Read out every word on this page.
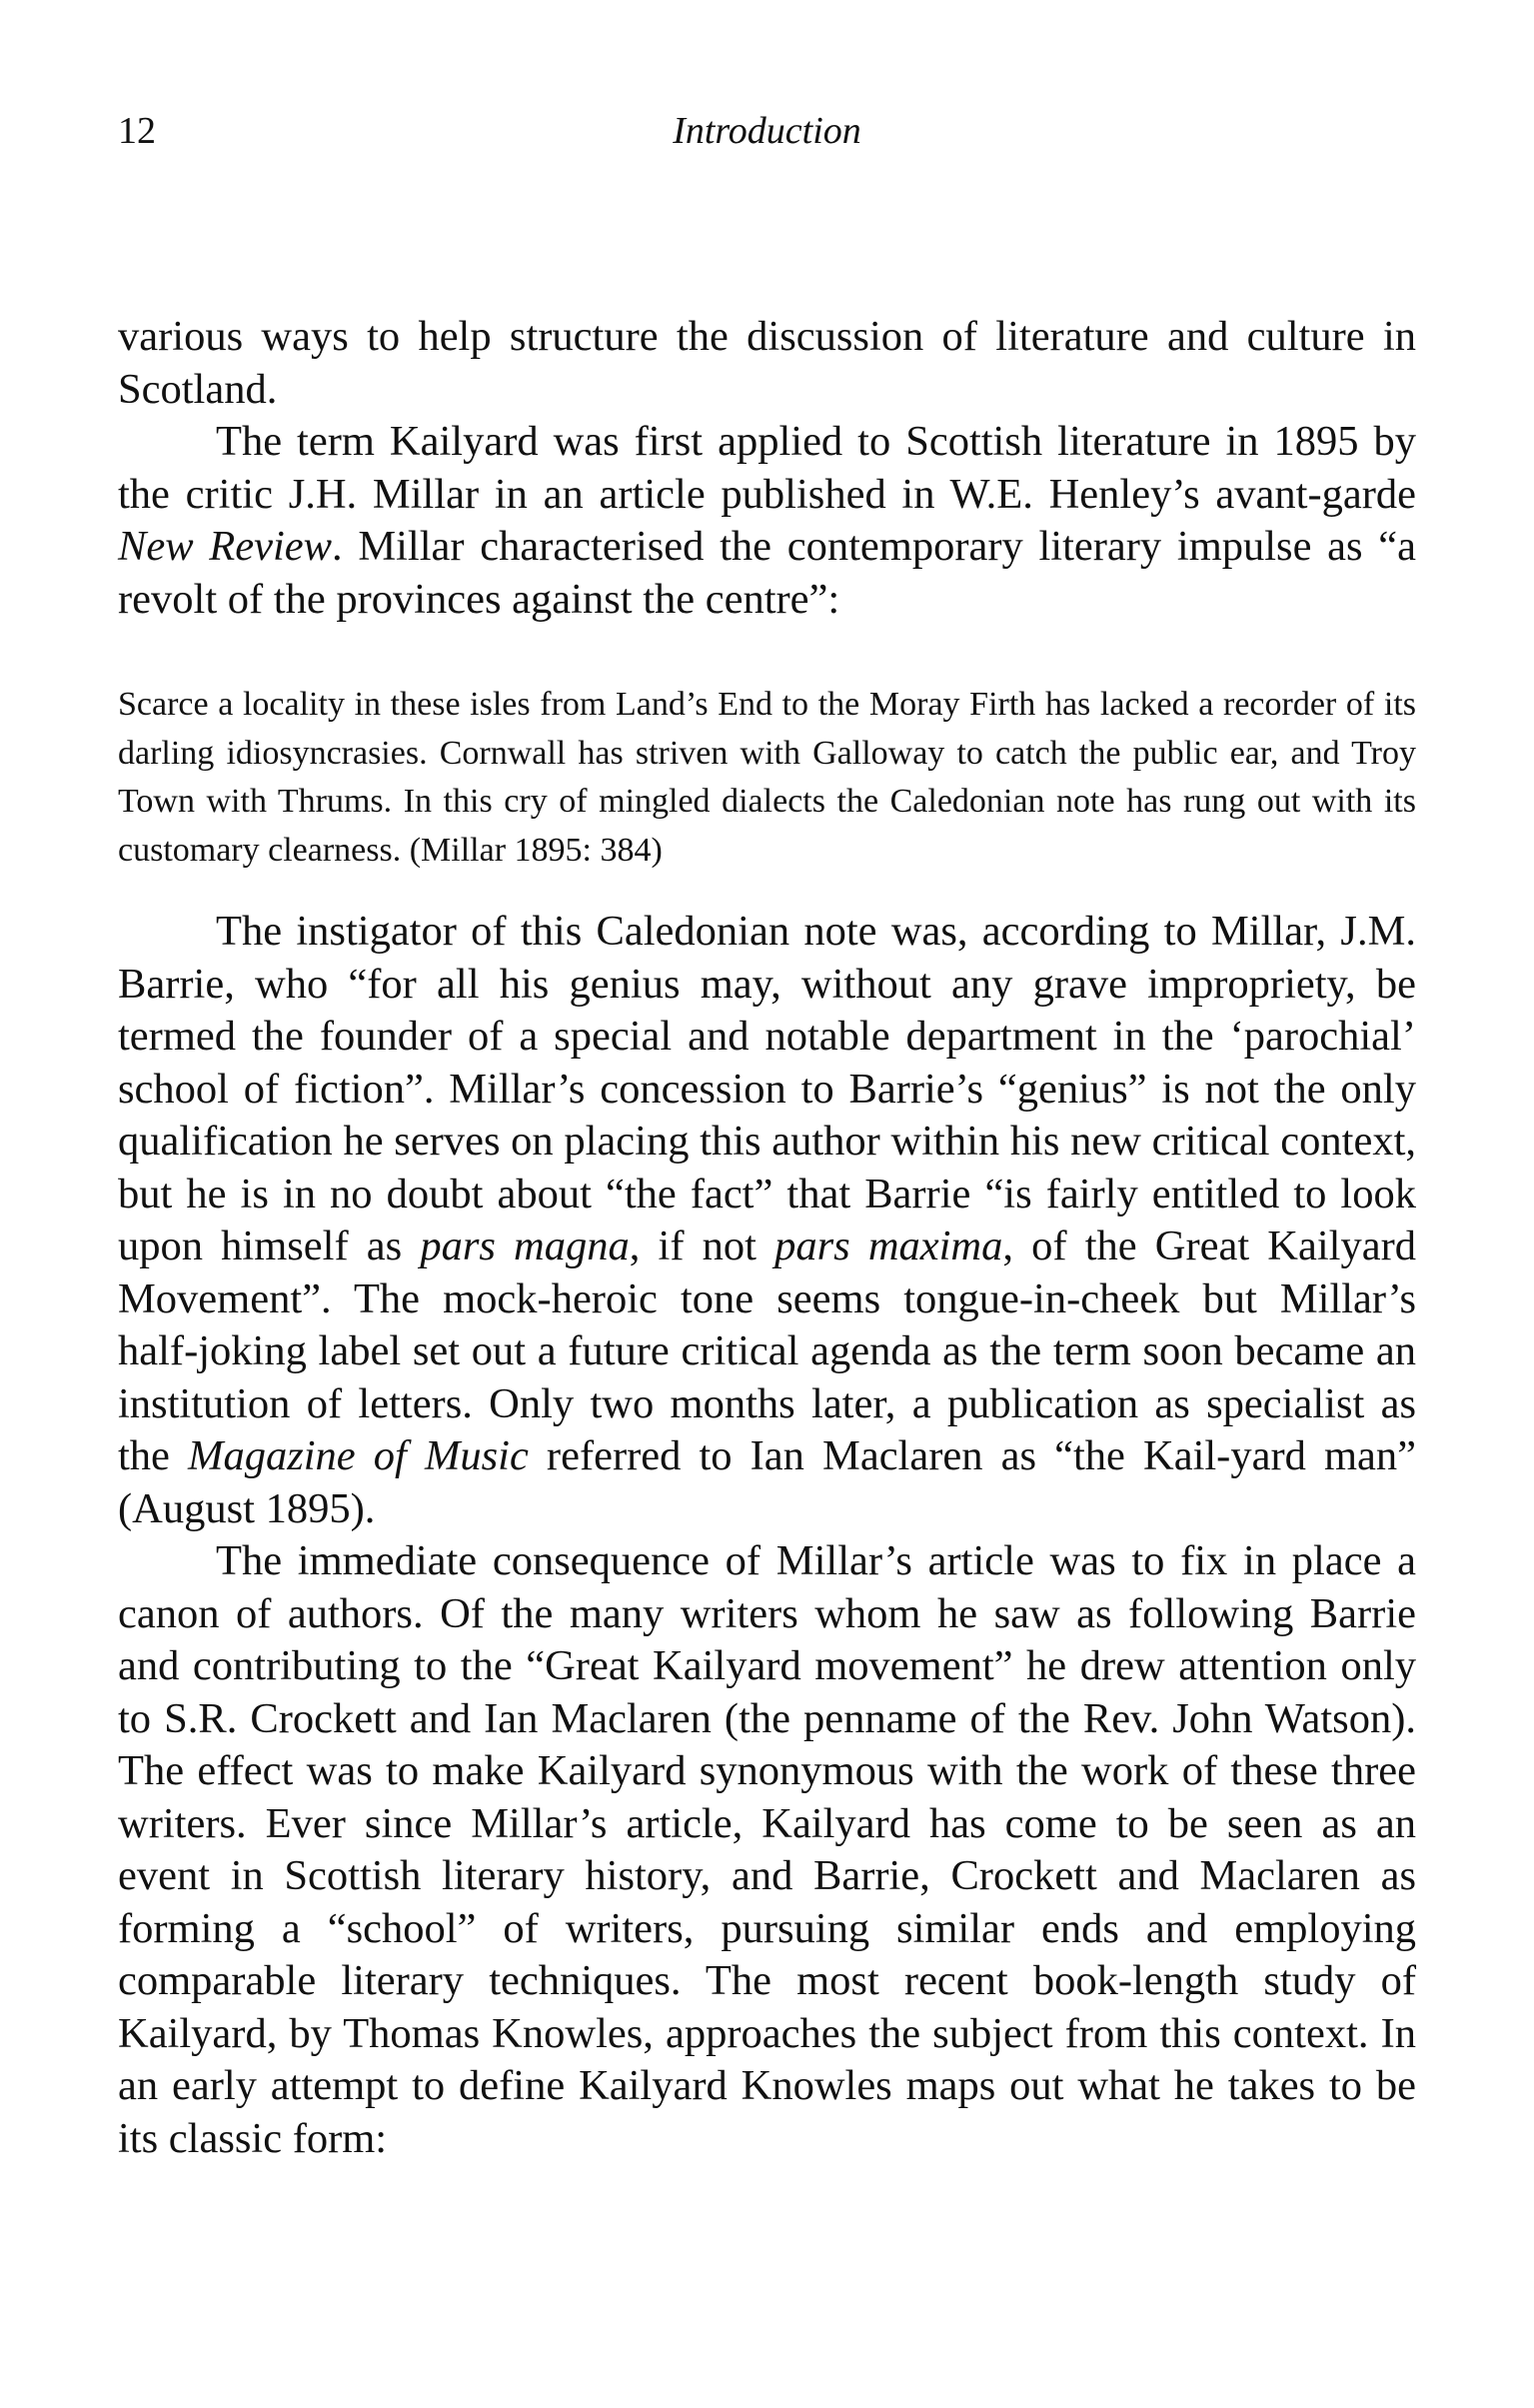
12	Introduction

various ways to help structure the discussion of literature and culture in Scotland.

The term Kailyard was first applied to Scottish literature in 1895 by the critic J.H. Millar in an article published in W.E. Henley’s avant-garde New Review. Millar characterised the contemporary literary impulse as “a revolt of the provinces against the centre”:

Scarce a locality in these isles from Land’s End to the Moray Firth has lacked a recorder of its darling idiosyncrasies. Cornwall has striven with Galloway to catch the public ear, and Troy Town with Thrums. In this cry of mingled dialects the Caledonian note has rung out with its customary clearness. (Millar 1895: 384)

The instigator of this Caledonian note was, according to Millar, J.M. Barrie, who “for all his genius may, without any grave impropriety, be termed the founder of a special and notable department in the ‘parochial’ school of fiction”. Millar’s concession to Barrie’s “genius” is not the only qualification he serves on placing this author within his new critical context, but he is in no doubt about “the fact” that Barrie “is fairly entitled to look upon himself as pars magna, if not pars maxima, of the Great Kailyard Movement”. The mock-heroic tone seems tongue-in-cheek but Millar’s half-joking label set out a future critical agenda as the term soon became an institution of letters. Only two months later, a publication as specialist as the Magazine of Music referred to Ian Maclaren as “the Kail-yard man” (August 1895).

The immediate consequence of Millar’s article was to fix in place a canon of authors. Of the many writers whom he saw as following Barrie and contributing to the “Great Kailyard movement” he drew attention only to S.R. Crockett and Ian Maclaren (the penname of the Rev. John Watson). The effect was to make Kailyard synonymous with the work of these three writers. Ever since Millar’s article, Kailyard has come to be seen as an event in Scottish literary history, and Barrie, Crockett and Maclaren as forming a “school” of writers, pursuing similar ends and employing comparable literary techniques. The most recent book-length study of Kailyard, by Thomas Knowles, approaches the subject from this context. In an early attempt to define Kailyard Knowles maps out what he takes to be its classic form:
